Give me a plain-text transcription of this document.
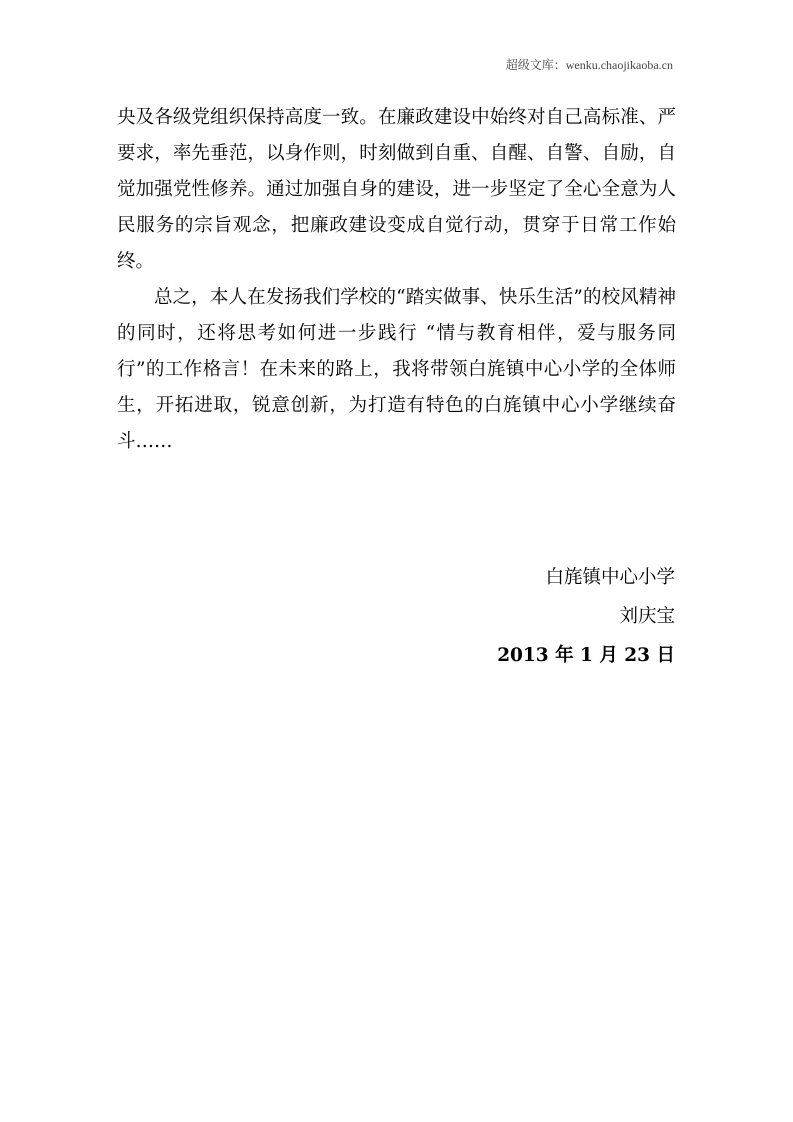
超级文库：wenku.chaojikaoba.cn

央及各级党组织保持高度一致。在廉政建设中始终对自己高标准、严要求，率先垂范，以身作则，时刻做到自重、自醒、自警、自励，自觉加强党性修养。通过加强自身的建设，进一步坚定了全心全意为人民服务的宗旨观念，把廉政建设变成自觉行动，贯穿于日常工作始终。

总之，本人在发扬我们学校的“踏实做事、快乐生活”的校风精神的同时，还将思考如何进一步践行 “情与教育相伴，爱与服务同行”的工作格言！在未来的路上，我将带领白旄镇中心小学的全体师生，开拓进取，锐意创新，为打造有特色的白旄镇中心小学继续奋斗……

白旄镇中心小学
刘庆宝
2013 年 1 月 23 日
